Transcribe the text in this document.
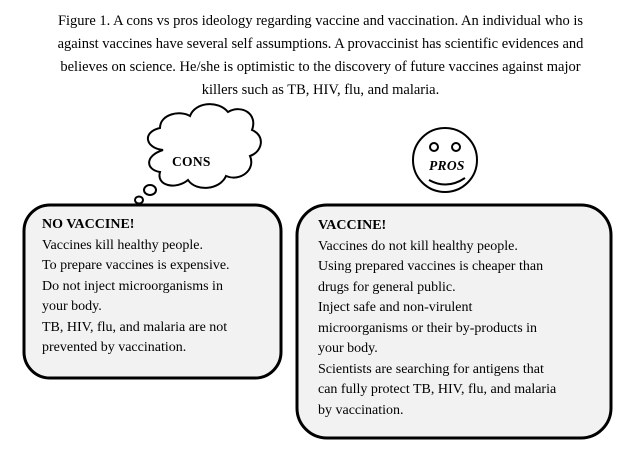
Figure 1. A cons vs pros ideology regarding vaccine and vaccination. An individual who is
against vaccines have several self assumptions. A provaccinist has scientific evidences and
believes on science. He/she is optimistic to the discovery of future vaccines against major
killers such as TB, HIV, flu, and malaria.
CONS	PROS
NO VACCINE!
Vaccines kill healthy people.
To prepare vaccines is expensive.
Do not inject microorganisms in
your body.
TB, HIV, flu, and malaria are not
prevented by vaccination.
VACCINE!
Vaccines do not kill healthy people.
Using prepared vaccines is cheaper than
drugs for general public.
Inject safe and non-virulent
microorganisms or their by-products in
your body.
Scientists are searching for antigens that
can fully protect TB, HIV, flu, and malaria
by vaccination.
